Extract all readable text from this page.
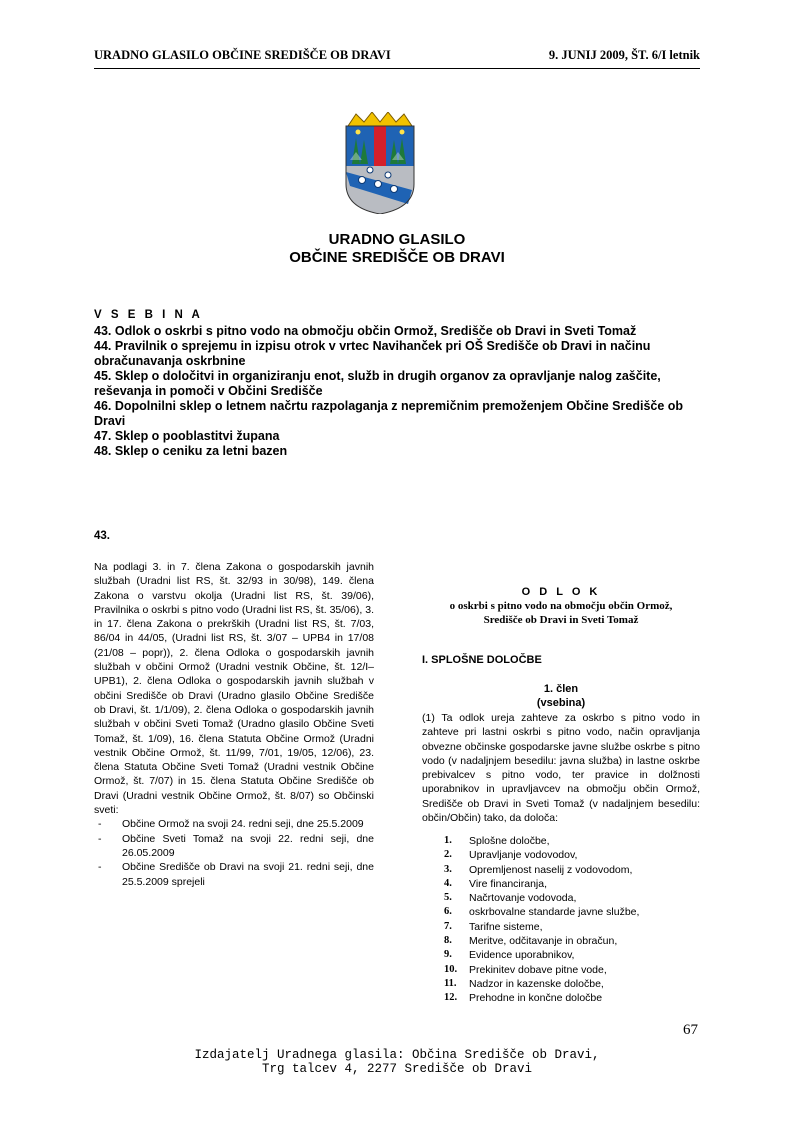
URADNO GLASILO OBČINE SREDIŠČE OB DRAVI	9. JUNIJ 2009, ŠT. 6/I letnik
URADNO GLASILO
OBČINE SREDIŠČE OB DRAVI
V S E B I N A
43. Odlok o oskrbi s pitno vodo na območju občin Ormož, Središče ob Dravi in Sveti Tomaž
44. Pravilnik o sprejemu in izpisu otrok v vrtec Navihanček pri OŠ Središče ob Dravi in načinu obračunavanja oskrbnine
45. Sklep o določitvi in organiziranju enot, služb in drugih organov za opravljanje nalog zaščite, reševanja in pomoči v Občini Središče
46. Dopolnilni sklep o letnem načrtu razpolaganja z nepremičnim premoženjem Občine Središče ob Dravi
47. Sklep o pooblastitvi župana
48. Sklep o ceniku za letni bazen
43.
Na podlagi 3. in 7. člena Zakona o gospodarskih javnih službah (Uradni list RS, št. 32/93 in 30/98), 149. člena Zakona o varstvu okolja (Uradni list RS, št. 39/06), Pravilnika o oskrbi s pitno vodo (Uradni list RS, št. 35/06), 3. in 17. člena Zakona o prekrških (Uradni list RS, št. 7/03, 86/04 in 44/05, (Uradni list RS, št. 3/07 – UPB4 in 17/08 (21/08 – popr)), 2. člena Odloka o gospodarskih javnih službah v občini Ormož (Uradni vestnik Občine, št. 12/I–UPB1), 2. člena Odloka o gospodarskih javnih službah v občini Središče ob Dravi (Uradno glasilo Občine Središče ob Dravi, št. 1/1/09), 2. člena Odloka o gospodarskih javnih službah v občini Sveti Tomaž (Uradno glasilo Občine Sveti Tomaž, št. 1/09), 16. člena Statuta Občine Ormož (Uradni vestnik Občine Ormož, št. 11/99, 7/01, 19/05, 12/06), 23. člena Statuta Občine Sveti Tomaž (Uradni vestnik Občine Ormož, št. 7/07) in 15. člena Statuta Občine Središče ob Dravi (Uradni vestnik Občine Ormož, št. 8/07) so Občinski sveti:
- Občine Ormož na svoji 24. redni seji, dne 25.5.2009
- Občine Sveti Tomaž na svoji 22. redni seji, dne 26.05.2009
- Občine Središče ob Dravi na svoji 21. redni seji, dne 25.5.2009 sprejeli
O D L O K
o oskrbi s pitno vodo na območju občin Ormož,
Središče ob Dravi in Sveti Tomaž
I. SPLOŠNE DOLOČBE
1. člen
(vsebina)
(1) Ta odlok ureja zahteve za oskrbo s pitno vodo in zahteve pri lastni oskrbi s pitno vodo, način opravljanja obvezne občinske gospodarske javne službe oskrbe s pitno vodo (v nadaljnjem besedilu: javna služba) in lastne oskrbe prebivalcev s pitno vodo, ter pravice in dolžnosti uporabnikov in upravljavcev na območju občin Ormož, Središče ob Dravi in Sveti Tomaž (v nadaljnjem besedilu: občin/Občin) tako, da določa:
1.	Splošne določbe,
2.	Upravljanje vodovodov,
3.	Opremljenost naselij z vodovodom,
4.	Vire financiranja,
5.	Načrtovanje vodovoda,
6.	oskrbovalne standarde javne službe,
7.	Tarifne sisteme,
8.	Meritve, odčitavanje in obračun,
9.	Evidence uporabnikov,
10.	Prekinitev dobave pitne vode,
11.	Nadzor in kazenske določbe,
12.	Prehodne in končne določbe
67
Izdajatelj Uradnega glasila: Občina Središče ob Dravi,
Trg talcev 4, 2277 Središče ob Dravi
